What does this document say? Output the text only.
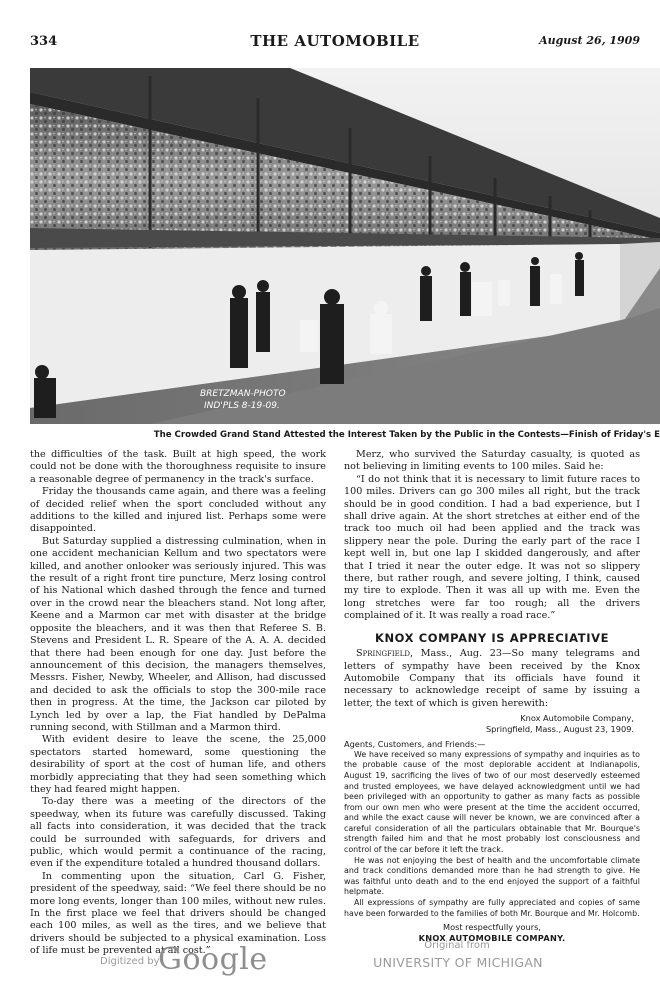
334	THE AUTOMOBILE	August 26, 1909
BRETZMAN-PHOTO
IND'PLS 8-19-09.
The Crowded Grand Stand Attested the Interest Taken by the Public in the Contests—Finish of Friday's E

the difficulties of the task. Built at high speed, the work could not be done with the thoroughness requisite to insure a reasonable degree of permanency in the track's surface.

Friday the thousands came again, and there was a feeling of decided relief when the sport concluded without any additions to the killed and injured list. Perhaps some were disappointed.

But Saturday supplied a distressing culmination, when in one accident mechanician Kellum and two spectators were killed, and another onlooker was seriously injured. This was the result of a right front tire puncture, Merz losing control of his National which dashed through the fence and turned over in the crowd near the bleachers stand. Not long after, Keene and a Marmon car met with disaster at the bridge opposite the bleachers, and it was then that Referee S. B. Stevens and President L. R. Speare of the A. A. A. decided that there had been enough for one day. Just before the announcement of this decision, the managers themselves, Messrs. Fisher, Newby, Wheeler, and Allison, had discussed and decided to ask the officials to stop the 300-mile race then in progress. At the time, the Jackson car piloted by Lynch led by over a lap, the Fiat handled by DePalma running second, with Stillman and a Marmon third.

With evident desire to leave the scene, the 25,000 spectators started homeward, some questioning the desirability of sport at the cost of human life, and others morbidly appreciating that they had seen something which they had feared might happen.

To-day there was a meeting of the directors of the speedway, when its future was carefully discussed. Taking all facts into consideration, it was decided that the track could be surrounded with safeguards, for drivers and public, which would permit a continuance of the racing, even if the expenditure totaled a hundred thousand dollars.

In commenting upon the situation, Carl G. Fisher, president of the speedway, said: “We feel there should be no more long events, longer than 100 miles, without new rules. In the first place we feel that drivers should be changed each 100 miles, as well as the tires, and we believe that drivers should be subjected to a physical examination. Loss of life must be prevented at all cost.”

Merz, who survived the Saturday casualty, is quoted as not believing in limiting events to 100 miles. Said he:

“I do not think that it is necessary to limit future races to 100 miles. Drivers can go 300 miles all right, but the track should be in good condition. I had a bad experience, but I shall drive again. At the short stretches at either end of the track too much oil had been applied and the track was slippery near the pole. During the early part of the race I kept well in, but one lap I skidded dangerously, and after that I tried it near the outer edge. It was not so slippery there, but rather rough, and severe jolting, I think, caused my tire to explode. Then it was all up with me. Even the long stretches were far too rough; all the drivers complained of it. It was really a road race.”

KNOX COMPANY IS APPRECIATIVE

Springfield, Mass., Aug. 23—So many telegrams and letters of sympathy have been received by the Knox Automobile Company that its officials have found it necessary to acknowledge receipt of same by issuing a letter, the text of which is given herewith:

Knox Automobile Company,
Springfield, Mass., August 23, 1909.

Agents, Customers, and Friends:—

We have received so many expressions of sympathy and inquiries as to the probable cause of the most deplorable accident at Indianapolis, August 19, sacrificing the lives of two of our most deservedly esteemed and trusted employees, we have delayed acknowledgment until we had been privileged with an opportunity to gather as many facts as possible from our own men who were present at the time the accident occurred, and while the exact cause will never be known, we are convinced after a careful consideration of all the particulars obtainable that Mr. Bourque's strength failed him and that he most probably lost consciousness and control of the car before it left the track.

He was not enjoying the best of health and the uncomfortable climate and track conditions demanded more than he had strength to give. He was faithful unto death and to the end enjoyed the support of a faithful helpmate.

All expressions of sympathy are fully appreciated and copies of same have been forwarded to the families of both Mr. Bourque and Mr. Holcomb.

Most respectfully yours,
KNOX AUTOMOBILE COMPANY.
Digitized by
Google	Original from
UNIVERSITY OF MICHIGAN
